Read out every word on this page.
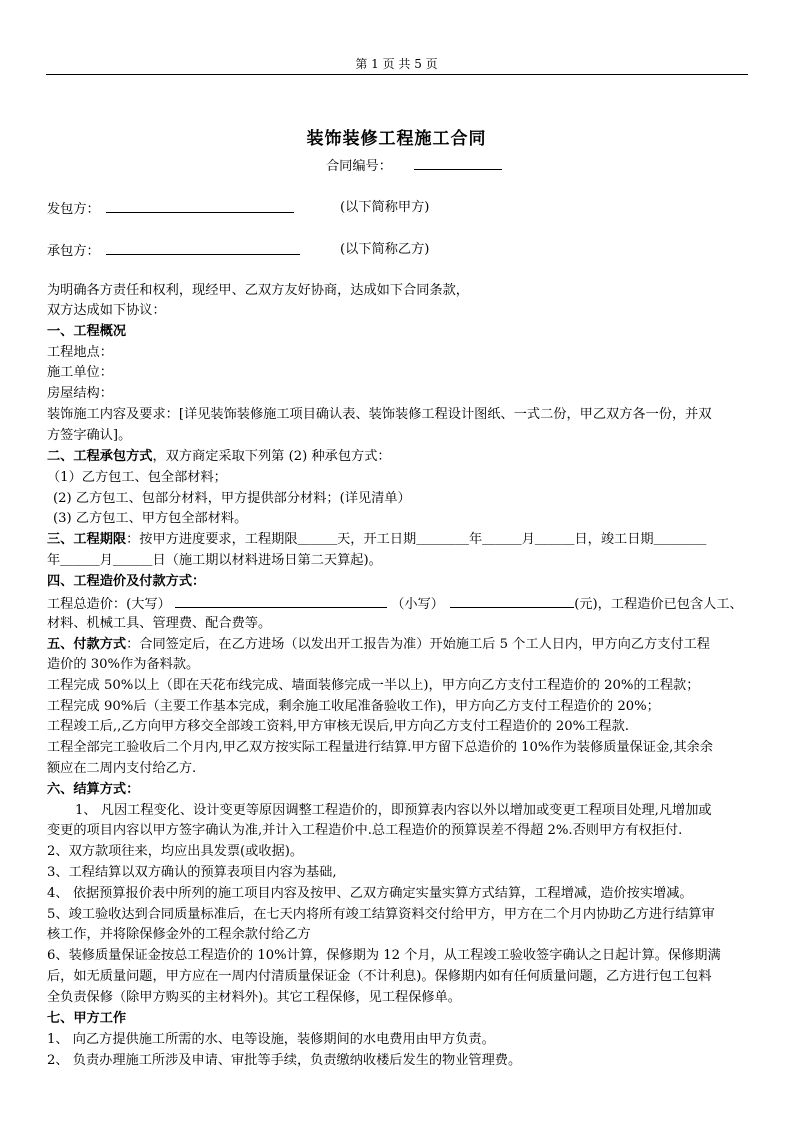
第 1 页 共 5 页
装饰装修工程施工合同
合同编号：
发包方：	(以下简称甲方)
承包方：	(以下简称乙方)
为明确各方责任和权利，现经甲、乙双方友好协商，达成如下合同条款，
双方达成如下协议：
一、工程概况
工程地点：
施工单位：
房屋结构：
装饰施工内容及要求：[详见装饰装修施工项目确认表、装饰装修工程设计图纸、一式二份，甲乙双方各一份，并双
方签字确认]。
二、工程承包方式，双方商定采取下列第 (2) 种承包方式：
（1）乙方包工、包全部材料；
(2) 乙方包工、包部分材料，甲方提供部分材料；(详见清单）
(3) 乙方包工、甲方包全部材料。
三、工程期限：按甲方进度要求，工程期限＿＿＿天，开工日期＿＿＿＿年＿＿＿月＿＿＿日，竣工日期＿＿＿＿
年＿＿＿月＿＿＿日（施工期以材料进场日第二天算起)。
四、工程造价及付款方式：
工程总造价：(大写）	（小写）	(元)，工程造价已包含人工、
材料、机械工具、管理费、配合费等。
五、付款方式：合同签定后，在乙方进场（以发出开工报告为准）开始施工后 5 个工人日内，甲方向乙方支付工程
造价的 30%作为备料款。
工程完成 50%以上（即在天花布线完成、墙面装修完成一半以上)，甲方向乙方支付工程造价的 20%的工程款；
工程完成 90%后（主要工作基本完成，剩余施工收尾准备验收工作)，甲方向乙方支付工程造价的 20%；
工程竣工后,,乙方向甲方移交全部竣工资料,甲方审核无误后,甲方向乙方支付工程造价的 20%工程款.
工程全部完工验收后二个月内,甲乙双方按实际工程量进行结算.甲方留下总造价的 10%作为装修质量保证金,其余余
额应在二周内支付给乙方.
六、结算方式：
1、 凡因工程变化、设计变更等原因调整工程造价的，即预算表内容以外以增加或变更工程项目处理,凡增加或
变更的项目内容以甲方签字确认为准,并计入工程造价中.总工程造价的预算误差不得超 2%.否则甲方有权拒付.
2、双方款项往来，均应出具发票(或收据)。
3、工程结算以双方确认的预算表项目内容为基础,
4、 依据预算报价表中所列的施工项目内容及按甲、乙双方确定实量实算方式结算，工程增减，造价按实增减。
5、竣工验收达到合同质量标准后，在七天内将所有竣工结算资料交付给甲方，甲方在二个月内协助乙方进行结算审
核工作，并将除保修金外的工程余款付给乙方
6、装修质量保证金按总工程造价的 10%计算，保修期为 12 个月，从工程竣工验收签字确认之日起计算。保修期满
后，如无质量问题，甲方应在一周内付清质量保证金（不计利息)。保修期内如有任何质量问题，乙方进行包工包料
全负责保修（除甲方购买的主材料外)。其它工程保修，见工程保修单。
七、甲方工作
1、 向乙方提供施工所需的水、电等设施，装修期间的水电费用由甲方负责。
2、 负责办理施工所涉及申请、审批等手续，负责缴纳收楼后发生的物业管理费。
